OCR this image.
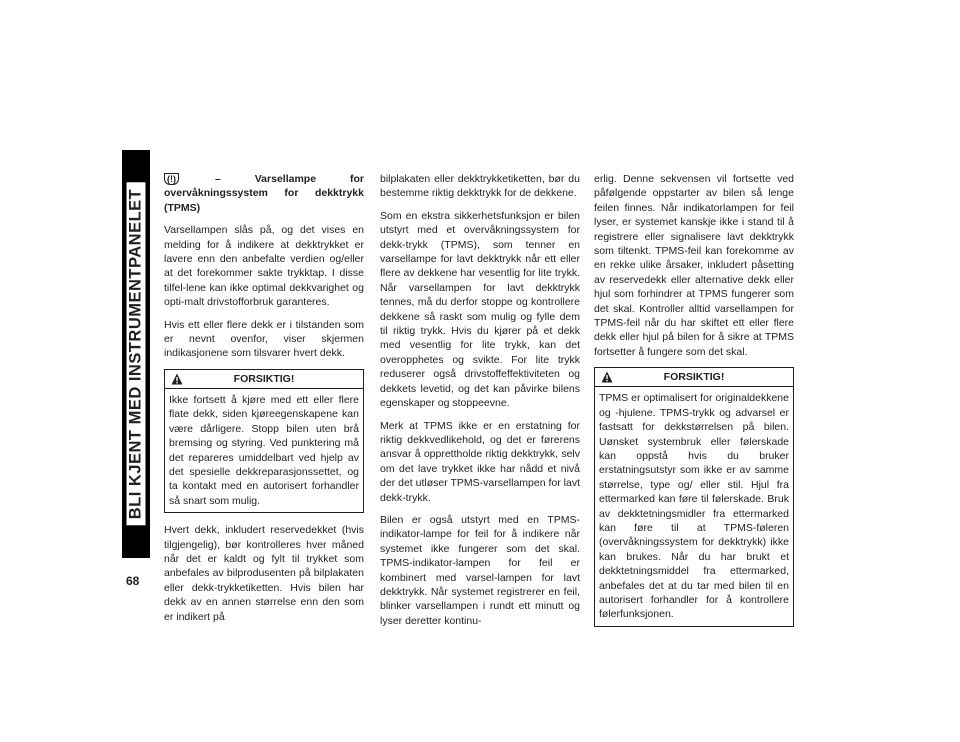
BLI KJENT MED INSTRUMENTPANELET
68

(!)	– Varsellampe for overvåkningssystem for dekktrykk (TPMS)

Varsellampen slås på, og det vises en melding for å indikere at dekktrykket er lavere enn den anbefalte verdien og/eller at det forekommer sakte trykktap. I disse tilfel-lene kan ikke optimal dekkvarighet og opti-malt drivstofforbruk garanteres.

Hvis ett eller flere dekk er i tilstanden som er nevnt ovenfor, viser skjermen indikasjonene som tilsvarer hvert dekk.

FORSIKTIG!
Ikke fortsett å kjøre med ett eller flere flate dekk, siden kjøreegenskapene kan være dårligere. Stopp bilen uten brå bremsing og styring. Ved punktering må det repareres umiddelbart ved hjelp av det spesielle dekkreparasjonssettet, og ta kontakt med en autorisert forhandler så snart som mulig.

Hvert dekk, inkludert reservedekket (hvis tilgjengelig), bør kontrolleres hver måned når det er kaldt og fylt til trykket som anbefales av bilprodusenten på bilplakaten eller dekk-trykketiketten. Hvis bilen har dekk av en annen størrelse enn den som er indikert på

bilplakaten eller dekktrykketiketten, bør du bestemme riktig dekktrykk for de dekkene.

Som en ekstra sikkerhetsfunksjon er bilen utstyrt med et overvåkningssystem for dekk-trykk (TPMS), som tenner en varsellampe for lavt dekktrykk når ett eller flere av dekkene har vesentlig for lite trykk. Når varsellampen for lavt dekktrykk tennes, må du derfor stoppe og kontrollere dekkene så raskt som mulig og fylle dem til riktig trykk. Hvis du kjører på et dekk med vesentlig for lite trykk, kan det overopphetes og svikte. For lite trykk reduserer også drivstoffeffektiviteten og dekkets levetid, og det kan påvirke bilens egenskaper og stoppeevne.

Merk at TPMS ikke er en erstatning for riktig dekkvedlikehold, og det er førerens ansvar å opprettholde riktig dekktrykk, selv om det lave trykket ikke har nådd et nivå der det utløser TPMS-varsellampen for lavt dekk-trykk.

Bilen er også utstyrt med en TPMS-indikator-lampe for feil for å indikere når systemet ikke fungerer som det skal. TPMS-indikator-lampen for feil er kombinert med varsel-lampen for lavt dekktrykk. Når systemet registrerer en feil, blinker varsellampen i rundt ett minutt og lyser deretter kontinu-

erlig. Denne sekvensen vil fortsette ved påfølgende oppstarter av bilen så lenge feilen finnes. Når indikatorlampen for feil lyser, er systemet kanskje ikke i stand til å registrere eller signalisere lavt dekktrykk som tiltenkt. TPMS-feil kan forekomme av en rekke ulike årsaker, inkludert påsetting av reservedekk eller alternative dekk eller hjul som forhindrer at TPMS fungerer som det skal. Kontroller alltid varsellampen for TPMS-feil når du har skiftet ett eller flere dekk eller hjul på bilen for å sikre at TPMS fortsetter å fungere som det skal.

FORSIKTIG!
TPMS er optimalisert for originaldekkene og -hjulene. TPMS-trykk og advarsel er fastsatt for dekkstørrelsen på bilen. Uønsket systembruk eller følerskade kan oppstå hvis du bruker erstatningsutstyr som ikke er av samme størrelse, type og/ eller stil. Hjul fra ettermarked kan føre til følerskade. Bruk av dekktetningsmidler fra ettermarked kan føre til at TPMS-føleren (overvåkningssystem for dekktrykk) ikke kan brukes. Når du har brukt et dekktetningsmiddel fra ettermarked, anbefales det at du tar med bilen til en autorisert forhandler for å kontrollere følerfunksjonen.
